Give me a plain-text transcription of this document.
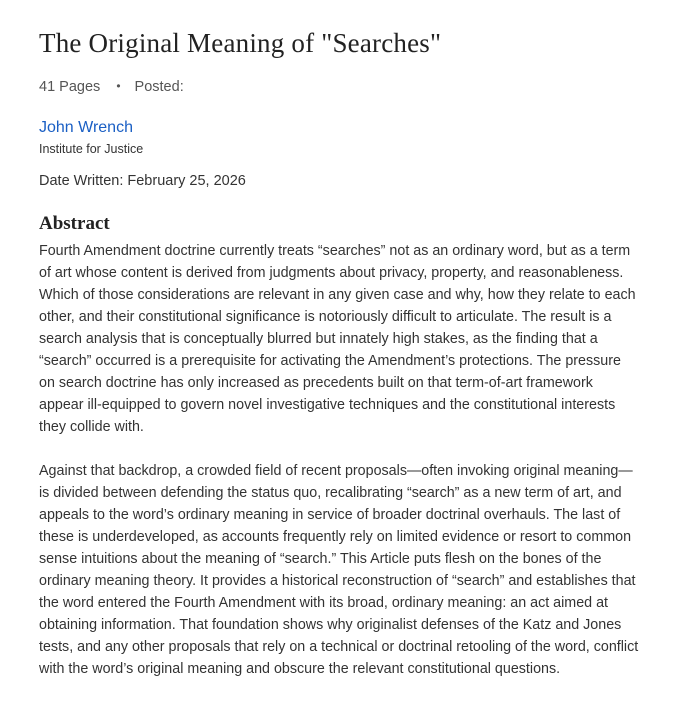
The Original Meaning of "Searches"
41 Pages • Posted:
John Wrench
Institute for Justice
Date Written: February 25, 2026
Abstract

Fourth Amendment doctrine currently treats “searches” not as an ordinary word, but as a term of art whose content is derived from judgments about privacy, property, and reasonableness. Which of those considerations are relevant in any given case and why, how they relate to each other, and their constitutional significance is notoriously difficult to articulate. The result is a search analysis that is conceptually blurred but innately high stakes, as the finding that a “search” occurred is a prerequisite for activating the Amendment’s protections. The pressure on search doctrine has only increased as precedents built on that term-of-art framework appear ill-equipped to govern novel investigative techniques and the constitutional interests they collide with.

Against that backdrop, a crowded field of recent proposals—often invoking original meaning—is divided between defending the status quo, recalibrating “search” as a new term of art, and appeals to the word’s ordinary meaning in service of broader doctrinal overhauls. The last of these is underdeveloped, as accounts frequently rely on limited evidence or resort to common sense intuitions about the meaning of “search.” This Article puts flesh on the bones of the ordinary meaning theory. It provides a historical reconstruction of “search” and establishes that the word entered the Fourth Amendment with its broad, ordinary meaning: an act aimed at obtaining information. That foundation shows why originalist defenses of the Katz and Jones tests, and any other proposals that rely on a technical or doctrinal retooling of the word, conflict with the word’s original meaning and obscure the relevant constitutional questions.
